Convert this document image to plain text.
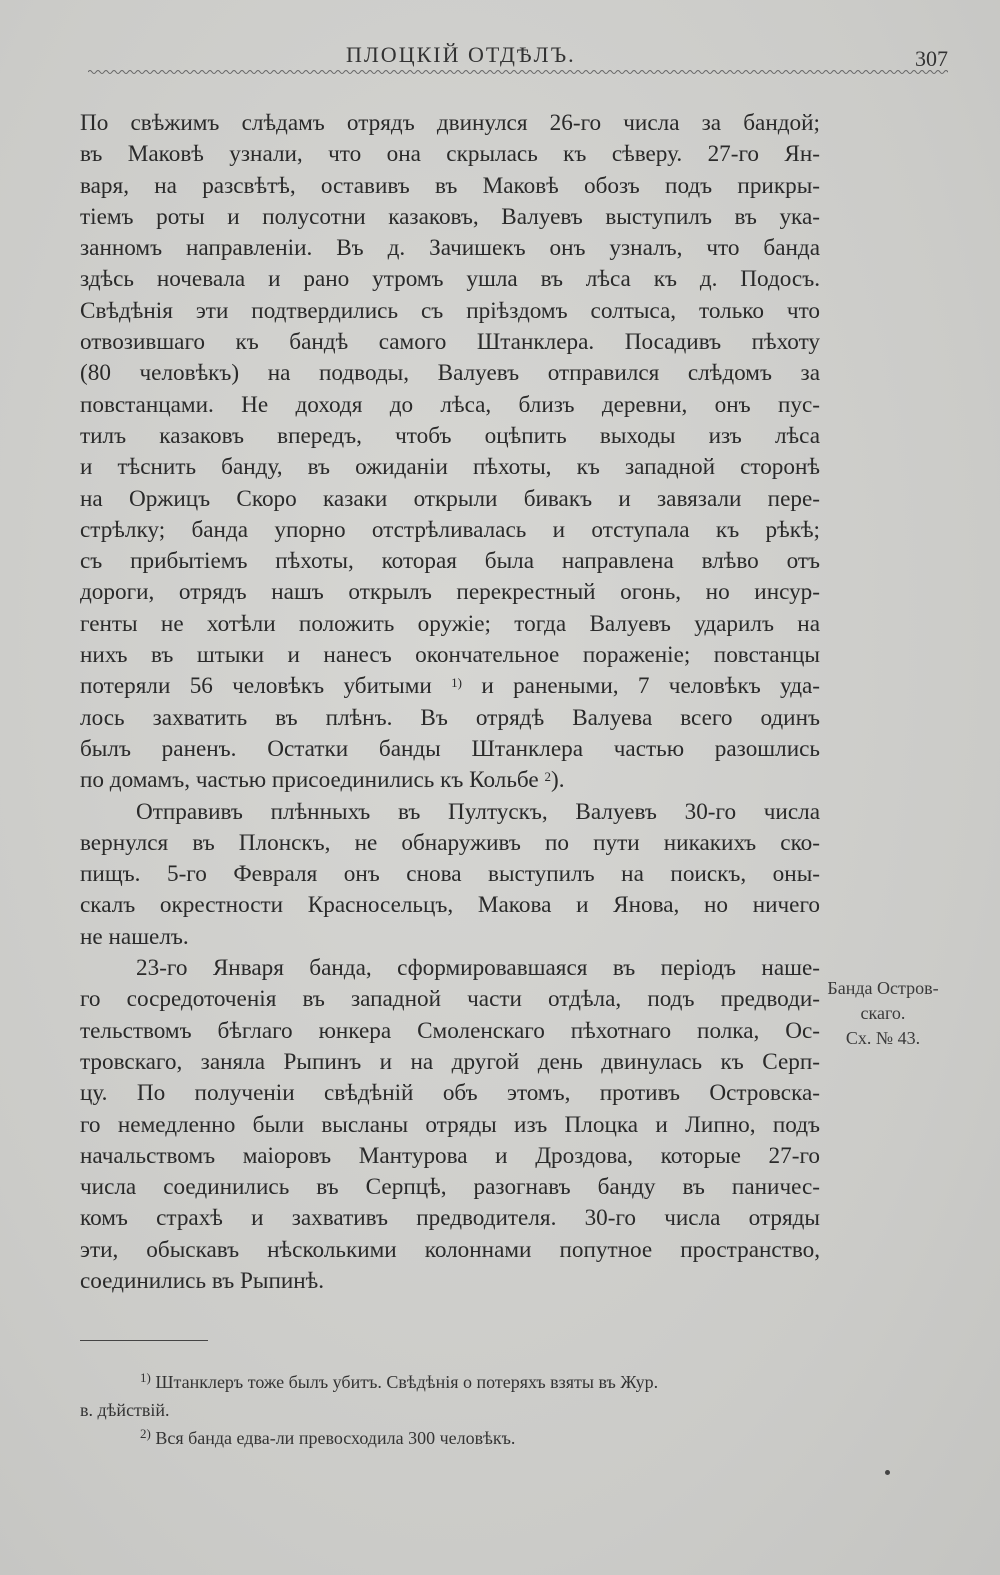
ПЛОЦКІЙ ОТДѢЛЪ.	307
По свѣжимъ слѣдамъ отрядъ двинулся 26-го числа за бандой;
въ Маковѣ узнали, что она скрылась къ сѣверу. 27-го Ян-
варя, на разсвѣтѣ, оставивъ въ Маковѣ обозъ подъ прикры-
тіемъ роты и полусотни казаковъ, Валуевъ выступилъ въ ука-
занномъ направленіи. Въ д. Зачишекъ онъ узналъ, что банда
здѣсь ночевала и рано утромъ ушла въ лѣса къ д. Подосъ.
Свѣдѣнія эти подтвердились съ пріѣздомъ солтыса, только что
отвозившаго къ бандѣ самого Штанклера. Посадивъ пѣхоту
(80 человѣкъ) на подводы, Валуевъ отправился слѣдомъ за
повстанцами. Не доходя до лѣса, близъ деревни, онъ пус-
тилъ казаковъ впередъ, чтобъ оцѣпить выходы изъ лѣса
и тѣснить банду, въ ожиданіи пѣхоты, къ западной сторонѣ
на Оржицъ Скоро казаки открыли бивакъ и завязали пере-
стрѣлку; банда упорно отстрѣливалась и отступала къ рѣкѣ;
съ прибытіемъ пѣхоты, которая была направлена влѣво отъ
дороги, отрядъ нашъ открылъ перекрестный огонь, но инсур-
генты не хотѣли положить оружіе; тогда Валуевъ ударилъ на
нихъ въ штыки и нанесъ окончательное пораженіе; повстанцы
потеряли 56 человѣкъ убитыми $^{1)}$ и ранеными, 7 человѣкъ уда-
лось захватить въ плѣнъ. Въ отрядѣ Валуева всего одинъ
былъ раненъ. Остатки банды Штанклера частью разошлись
по домамъ, частью присоединились къ Кольбе $^2$).
Отправивъ плѣнныхъ въ Пултускъ, Валуевъ 30-го числа
вернулся въ Плонскъ, не обнаруживъ по пути никакихъ ско-
пищъ. 5-го Февраля онъ снова выступилъ на поискъ, оны-
скалъ окрестности Красносельцъ, Макова и Янова, но ничего
не нашелъ.
23-го Января банда, сформировавшаяся въ періодъ наше-
го сосредоточенія въ западной части отдѣла, подъ предводи-
тельствомъ бѣглаго юнкера Смоленскаго пѣхотнаго полка, Ос-
тровскаго, заняла Рыпинъ и на другой день двинулась къ Серп-
цу. По полученіи свѣдѣній объ этомъ, противъ Островска-
го немедленно были высланы отряды изъ Плоцка и Липно, подъ
начальствомъ маіоровъ Мантурова и Дроздова, которые 27-го
числа соединились въ Серпцѣ, разогнавъ банду въ паничес-
комъ страхѣ и захвативъ предводителя. 30-го числа отряды
эти, обыскавъ нѣсколькими колоннами попутное пространство,
соединились въ Рыпинѣ.
Банда Остров-
скаго.
Сх. № 43.
$^{1)}$ Штанклеръ тоже былъ убитъ. Свѣдѣнія о потеряхъ взяты въ Жур.
в. дѣйствій.
$^{2)}$ Вся банда едва-ли превосходила 300 человѣкъ.
